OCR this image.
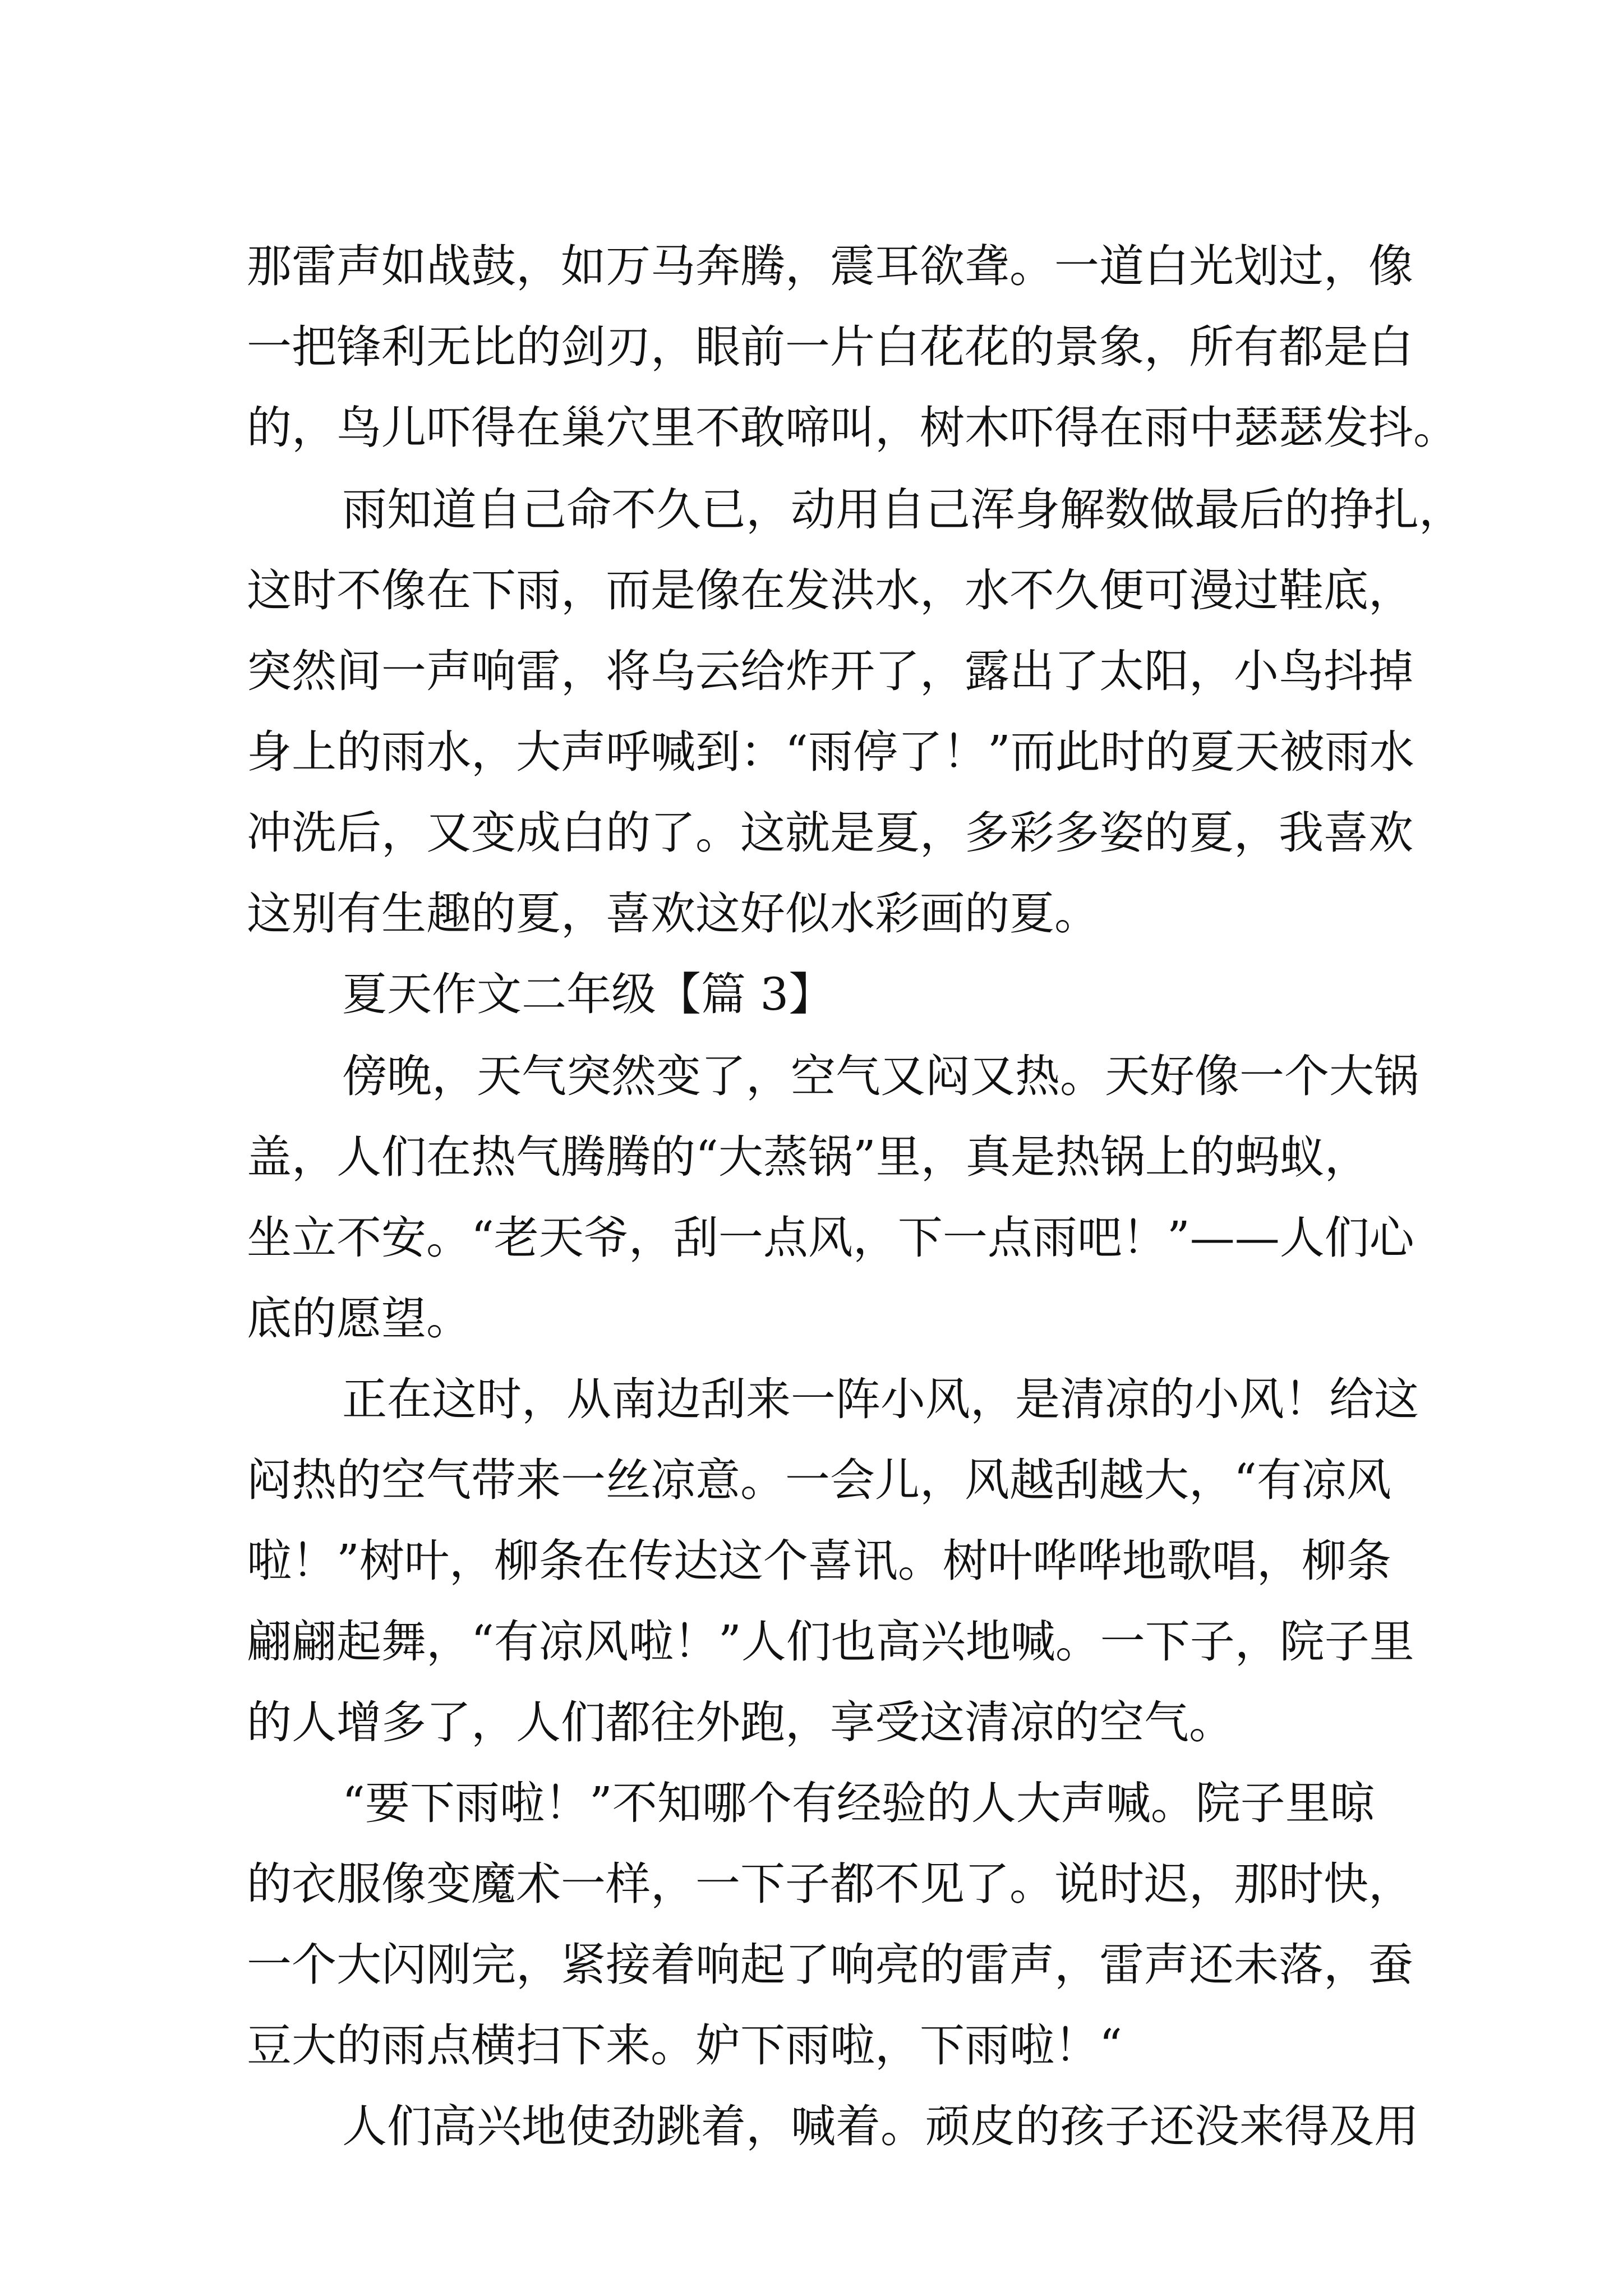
那雷声如战鼓，如万马奔腾，震耳欲聋。一道白光划过，像
一把锋利无比的剑刃，眼前一片白花花的景象，所有都是白
的，鸟儿吓得在巢穴里不敢啼叫，树木吓得在雨中瑟瑟发抖。
雨知道自己命不久已，动用自己浑身解数做最后的挣扎，
这时不像在下雨，而是像在发洪水，水不久便可漫过鞋底，
突然间一声响雷，将乌云给炸开了，露出了太阳，小鸟抖掉
身上的雨水，大声呼喊到：“雨停了！”而此时的夏天被雨水
冲洗后，又变成白的了。这就是夏，多彩多姿的夏，我喜欢
这别有生趣的夏，喜欢这好似水彩画的夏。
夏天作文二年级【篇 3】
傍晚，天气突然变了，空气又闷又热。天好像一个大锅
盖，人们在热气腾腾的“大蒸锅”里，真是热锅上的蚂蚁，
坐立不安。“老天爷，刮一点风，下一点雨吧！”——人们心
底的愿望。
正在这时，从南边刮来一阵小风，是清凉的小风！给这
闷热的空气带来一丝凉意。一会儿，风越刮越大，“有凉风
啦！”树叶，柳条在传达这个喜讯。树叶哗哗地歌唱，柳条
翩翩起舞，“有凉风啦！”人们也高兴地喊。一下子，院子里
的人增多了，人们都往外跑，享受这清凉的空气。
“要下雨啦！”不知哪个有经验的人大声喊。院子里晾
的衣服像变魔术一样，一下子都不见了。说时迟，那时快，
一个大闪刚完，紧接着响起了响亮的雷声，雷声还未落，蚕
豆大的雨点横扫下来。妒下雨啦，下雨啦！“
人们高兴地使劲跳着，喊着。顽皮的孩子还没来得及用
